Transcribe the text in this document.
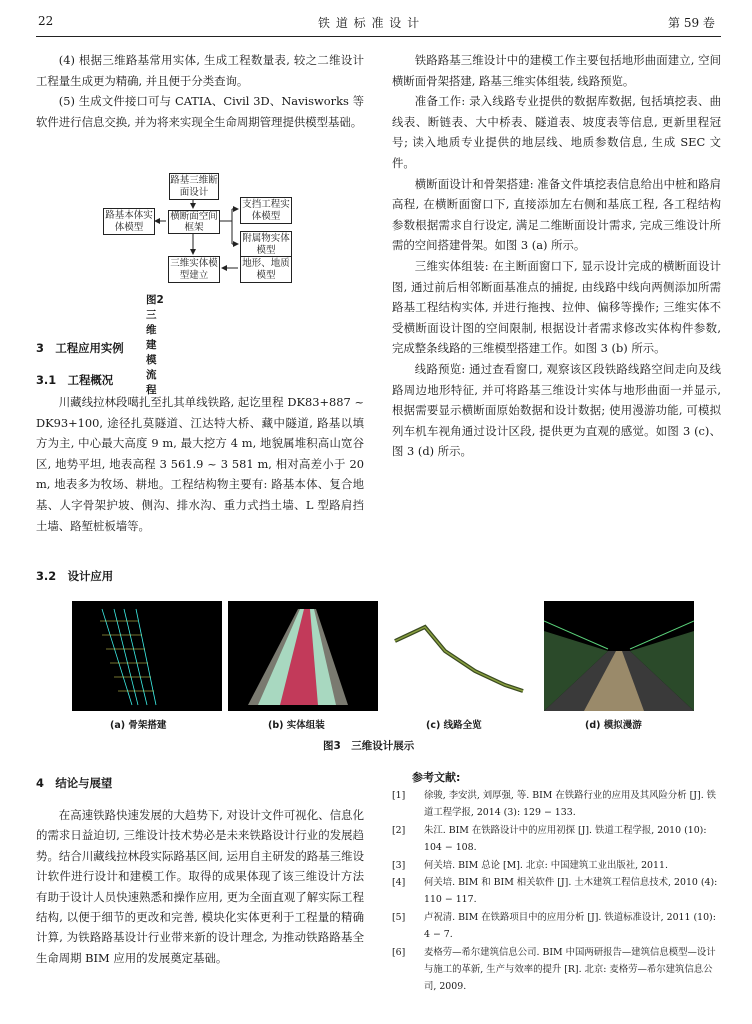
22	铁 道 标 准 设 计	第 59 卷

(4) 根据三维路基常用实体, 生成工程数量表, 较之二维设计工程量生成更为精确, 并且便于分类查询。

(5) 生成文件接口可与 CATIA、Civil 3D、Navisworks 等软件进行信息交换, 并为将来实现全生命周期管理提供模型基础。

路基三维断面设计
路基本体实体模型
横断面空间框架
支挡工程实体模型
附属物实体模型
三维实体模型建立
地形、地质模型
图2　三维建模流程
3　工程应用实例
3.1　工程概况

川藏线拉林段噶扎至扎其单线铁路, 起讫里程 DK83+887 ~ DK93+100, 途径扎莫隧道、江达特大桥、藏中隧道, 路基以填方为主, 中心最大高度 9 m, 最大挖方 4 m, 地貌属堆积高山宽谷区, 地势平坦, 地表高程 3 561.9 ~ 3 581 m, 相对高差小于 20 m, 地表多为牧场、耕地。工程结构物主要有: 路基本体、复合地基、人字骨架护坡、侧沟、排水沟、重力式挡土墙、L 型路肩挡土墙、路堑桩板墙等。

3.2　设计应用

铁路路基三维设计中的建模工作主要包括地形曲面建立, 空间横断面骨架搭建, 路基三维实体组装, 线路预览。

准备工作: 录入线路专业提供的数据库数据, 包括填挖表、曲线表、断链表、大中桥表、隧道表、坡度表等信息, 更新里程冠号; 读入地质专业提供的地层线、地质参数信息, 生成 SEC 文件。

横断面设计和骨架搭建: 准备文件填挖表信息给出中桩和路肩高程, 在横断面窗口下, 直接添加左右侧和基底工程, 各工程结构参数根据需求自行设定, 满足二维断面设计需求, 完成三维设计所需的空间搭建骨架。如图 3 (a) 所示。

三维实体组装: 在主断面窗口下, 显示设计完成的横断面设计图, 通过前后相邻断面基准点的捕捉, 由线路中线向两侧添加所需路基工程结构实体, 并进行拖拽、拉伸、偏移等操作; 三维实体不受横断面设计图的空间限制, 根据设计者需求修改实体构件参数, 完成整条线路的三维模型搭建工作。如图 3 (b) 所示。

线路预览: 通过查看窗口, 观察该区段铁路线路空间走向及线路周边地形特征, 并可将路基三维设计实体与地形曲面一并显示, 根据需要显示横断面原始数据和设计数据; 使用漫游功能, 可模拟列车机车视角通过设计区段, 提供更为直观的感觉。如图 3 (c)、图 3 (d) 所示。

(a) 骨架搭建	(b) 实体组装	(c) 线路全览	(d) 模拟漫游
图3　三维设计展示
4　结论与展望

在高速铁路快速发展的大趋势下, 对设计文件可视化、信息化的需求日益迫切, 三维设计技术势必是未来铁路设计行业的发展趋势。结合川藏线拉林段实际路基区间, 运用自主研发的路基三维设计软件进行设计和建模工作。取得的成果体现了该三维设计方法有助于设计人员快速熟悉和操作应用, 更为全面直观了解实际工程结构, 以便于细节的更改和完善, 模块化实体更利于工程量的精确计算, 为铁路路基设计行业带来新的设计理念, 为推动铁路路基全生命周期 BIM 应用的发展奠定基础。

参考文献:
[1] 徐骏, 李安洪, 刘厚强, 等. BIM 在铁路行业的应用及其风险分析 [J]. 铁道工程学报, 2014 (3): 129 − 133.
[2] 朱江. BIM 在铁路设计中的应用初探 [J]. 铁道工程学报, 2010 (10): 104 − 108.
[3] 何关培. BIM 总论 [M]. 北京: 中国建筑工业出版社, 2011.
[4] 何关培. BIM 和 BIM 相关软件 [J]. 土木建筑工程信息技术, 2010 (4): 110 − 117.
[5] 卢祝清. BIM 在铁路项目中的应用分析 [J]. 铁道标准设计, 2011 (10): 4 − 7.
[6] 麦格劳—希尔建筑信息公司. BIM 中国两研报告—建筑信息模型—设计与施工的革新, 生产与效率的提升 [R]. 北京: 麦格劳—希尔建筑信息公司, 2009.
